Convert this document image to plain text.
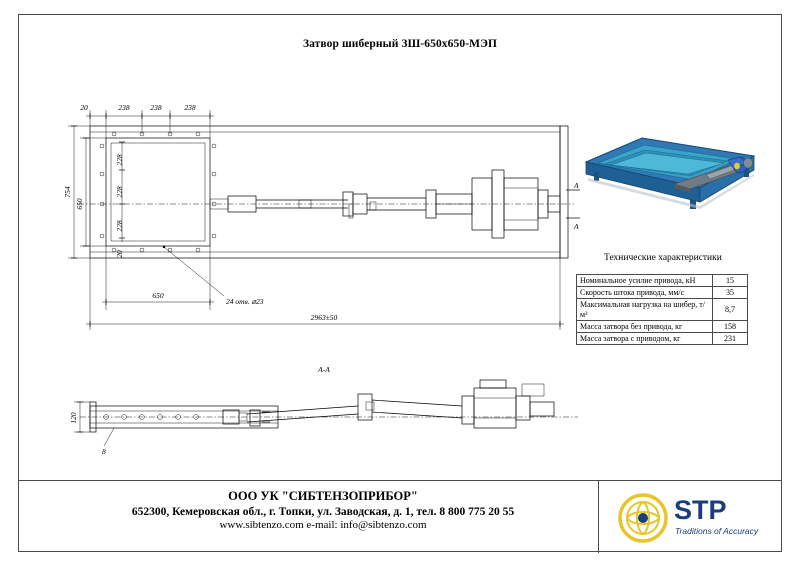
Затвор шиберный ЗШ-650х650-МЭП
20	238	238	238
228
228
228
20
650
754
650
2963±50
24 отв. ⌀23
A
A
A-A
120
8
Технические характеристики
Номинальное усилие привода, кН	15
Скорость штока привода, мм/с	35
Максимальная нагрузка на шибер, т/м²	8,7
Масса затвора без привода, кг	158
Масса затвора с приводом, кг	231
ООО УК "СИБТЕНЗОПРИБОР"
652300, Кемеровская обл., г. Топки, ул. Заводская, д. 1, тел. 8 800 775 20 55
www.sibtenzo.com e-mail: info@sibtenzo.com	STP
Traditions of Accuracy
